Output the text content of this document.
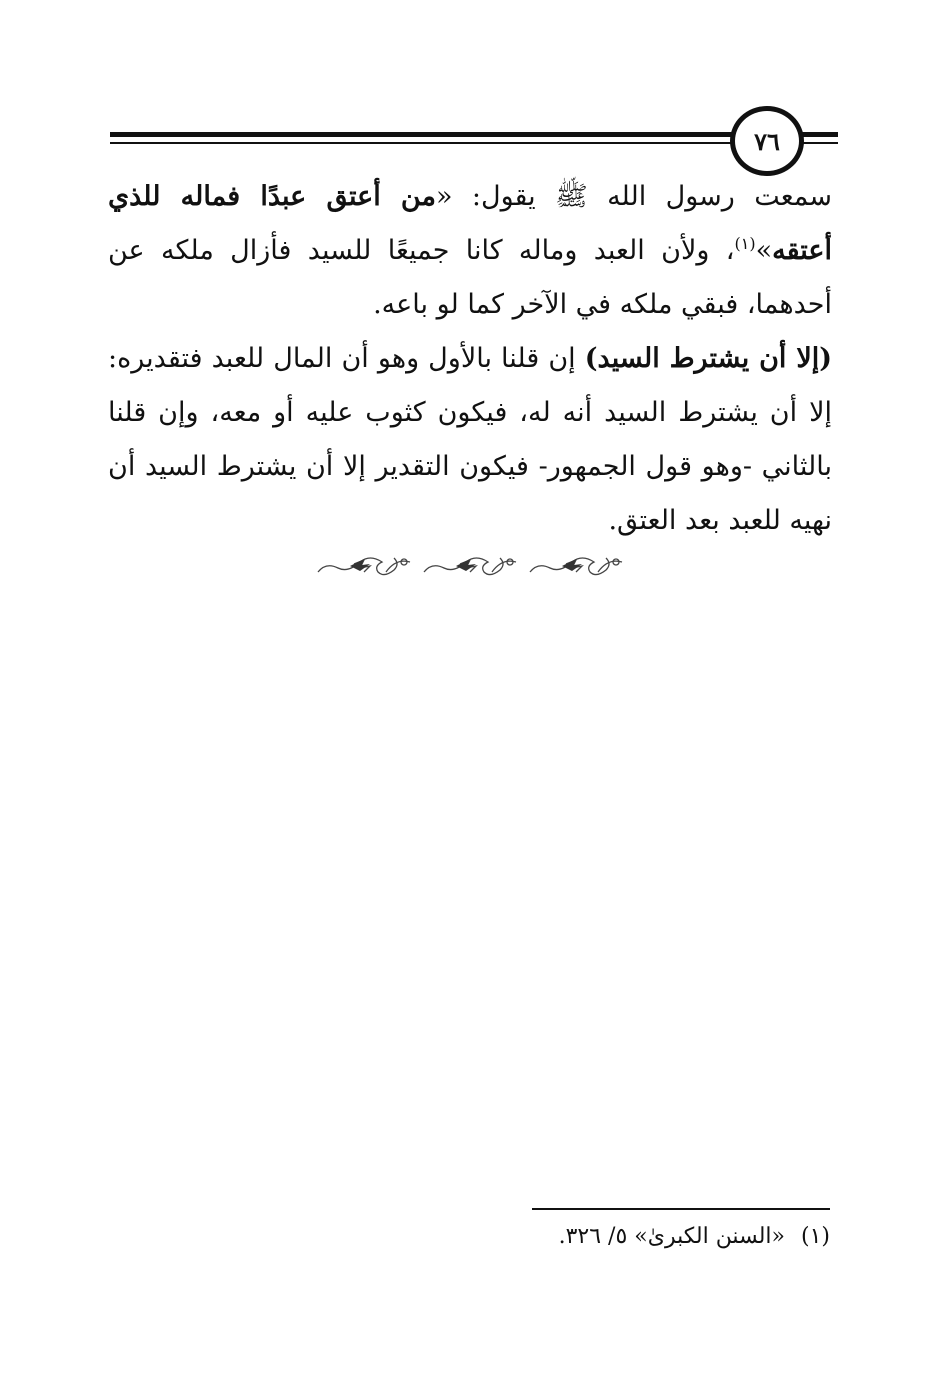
٧٦

سمعت رسول الله ﷺ يقول: «من أعتق عبدًا فماله للذي أعتقه»$^{(١)}$، ولأن العبد وماله كانا جميعًا للسيد فأزال ملكه عن أحدهما، فبقي ملكه في الآخر كما لو باعه.

(إلا أن يشترط السيد) إن قلنا بالأول وهو أن المال للعبد فتقديره: إلا أن يشترط السيد أنه له، فيكون كثوب عليه أو معه، وإن قلنا بالثاني -وهو قول الجمهور- فيكون التقدير إلا أن يشترط السيد أن نهيه للعبد بعد العتق.

(١)«السنن الكبرىٰ» ٥/ ٣٢٦.
